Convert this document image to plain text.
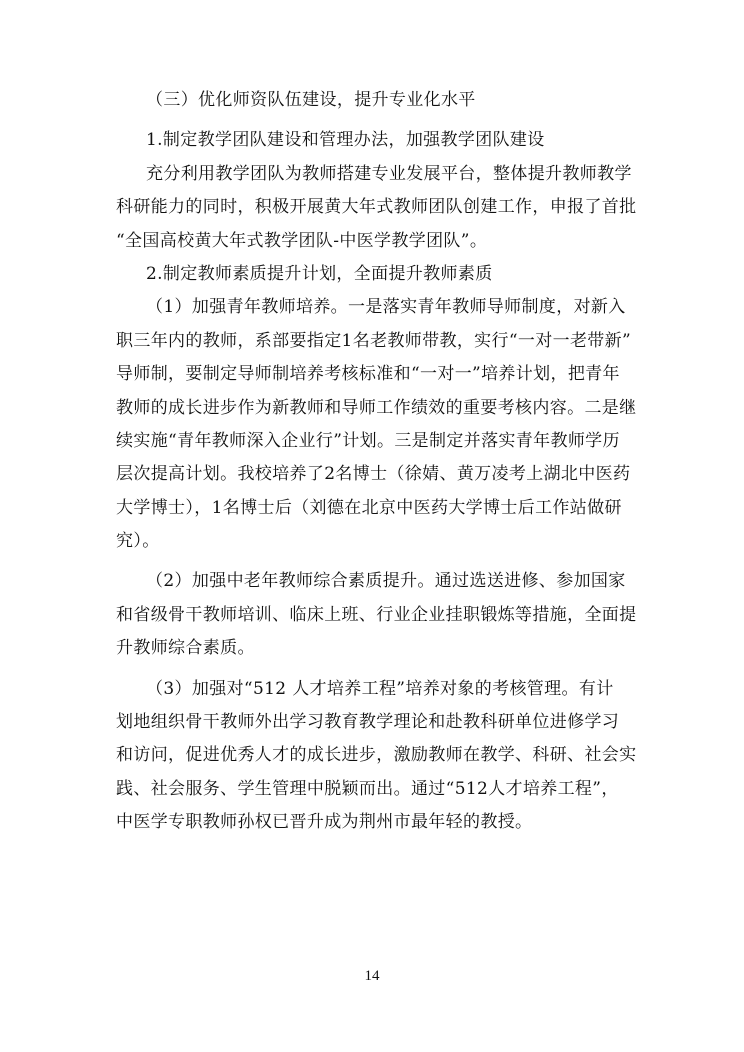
（三）优化师资队伍建设，提升专业化水平
1.制定教学团队建设和管理办法，加强教学团队建设
充分利用教学团队为教师搭建专业发展平台，整体提升教师教学
科研能力的同时，积极开展黄大年式教师团队创建工作，申报了首批
“全国高校黄大年式教学团队-中医学教学团队”。
2.制定教师素质提升计划，全面提升教师素质
（1）加强青年教师培养。一是落实青年教师导师制度，对新入
职三年内的教师，系部要指定1名老教师带教，实行“一对一老带新”
导师制，要制定导师制培养考核标准和“一对一”培养计划，把青年
教师的成长进步作为新教师和导师工作绩效的重要考核内容。二是继
续实施“青年教师深入企业行”计划。三是制定并落实青年教师学历
层次提高计划。我校培养了2名博士（徐婧、黄万凌考上湖北中医药
大学博士），1名博士后（刘德在北京中医药大学博士后工作站做研
究）。
（2）加强中老年教师综合素质提升。通过选送进修、参加国家
和省级骨干教师培训、临床上班、行业企业挂职锻炼等措施，全面提
升教师综合素质。
（3）加强对“512 人才培养工程”培养对象的考核管理。有计
划地组织骨干教师外出学习教育教学理论和赴教科研单位进修学习
和访问，促进优秀人才的成长进步，激励教师在教学、科研、社会实
践、社会服务、学生管理中脱颖而出。通过“512人才培养工程”，
中医学专职教师孙权已晋升成为荆州市最年轻的教授。
14
